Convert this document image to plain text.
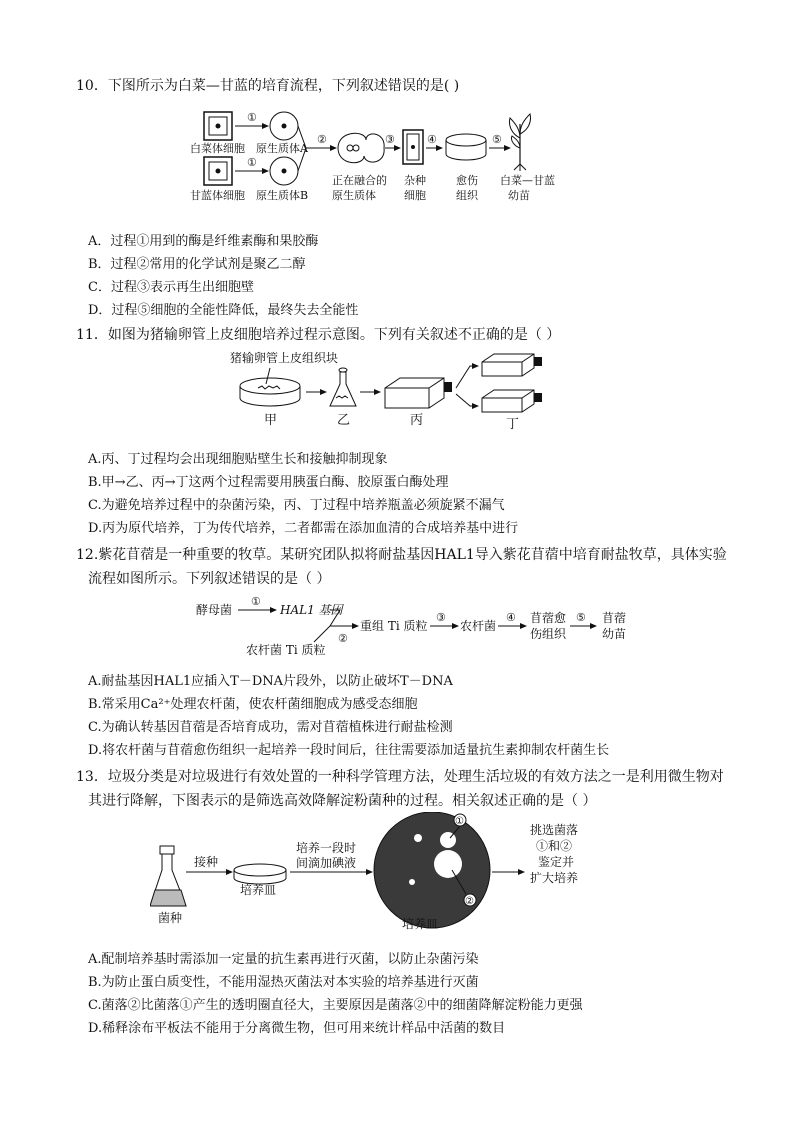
10．下图所示为白菜—甘蓝的培育流程，下列叙述错误的是( )
①
白菜体细胞 原生质体A
①
甘蓝体细胞 原生质体B
②	③
正在融合的
原生质体
④
杂种
细胞
⑤
愈伤
组织
白菜—甘蓝
幼苗
A．过程①用到的酶是纤维素酶和果胶酶
B．过程②常用的化学试剂是聚乙二醇
C．过程③表示再生出细胞壁
D．过程⑤细胞的全能性降低，最终失去全能性
11．如图为猪输卵管上皮细胞培养过程示意图。下列有关叙述不正确的是（ ）
猪输卵管上皮组织块
甲	乙	丙	丁
A.丙、丁过程均会出现细胞贴壁生长和接触抑制现象
B.甲→乙、丙→丁这两个过程需要用胰蛋白酶、胶原蛋白酶处理
C.为避免培养过程中的杂菌污染，丙、丁过程中培养瓶盖必须旋紧不漏气
D.丙为原代培养，丁为传代培养，二者都需在添加血清的合成培养基中进行
12.紫花苜蓿是一种重要的牧草。某研究团队拟将耐盐基因HAL1导入紫花苜蓿中培育耐盐牧草，具体实验
流程如图所示。下列叙述错误的是（ ）
酵母菌
①
HAL1 基因
②
农杆菌 Ti 质粒
重组 Ti 质粒
③
农杆菌
④ 苜蓿愈
伤组织
⑤ 苜蓿
幼苗
A.耐盐基因HAL1应插入T－DNA片段外，以防止破坏T－DNA
B.常采用Ca²⁺处理农杆菌，使农杆菌细胞成为感受态细胞
C.为确认转基因苜蓿是否培育成功，需对苜蓿植株进行耐盐检测
D.将农杆菌与苜蓿愈伤组织一起培养一段时间后，往往需要添加适量抗生素抑制农杆菌生长
13．垃圾分类是对垃圾进行有效处置的一种科学管理方法，处理生活垃圾的有效方法之一是利用微生物对
其进行降解，下图表示的是筛选高效降解淀粉菌种的过程。相关叙述正确的是（ ）
菌种
接种
培养皿
培养一段时
间滴加碘液
①
②
培养皿
挑选菌落
①和②
鉴定并
扩大培养
A.配制培养基时需添加一定量的抗生素再进行灭菌，以防止杂菌污染
B.为防止蛋白质变性，不能用湿热灭菌法对本实验的培养基进行灭菌
C.菌落②比菌落①产生的透明圈直径大，主要原因是菌落②中的细菌降解淀粉能力更强
D.稀释涂布平板法不能用于分离微生物，但可用来统计样品中活菌的数目
